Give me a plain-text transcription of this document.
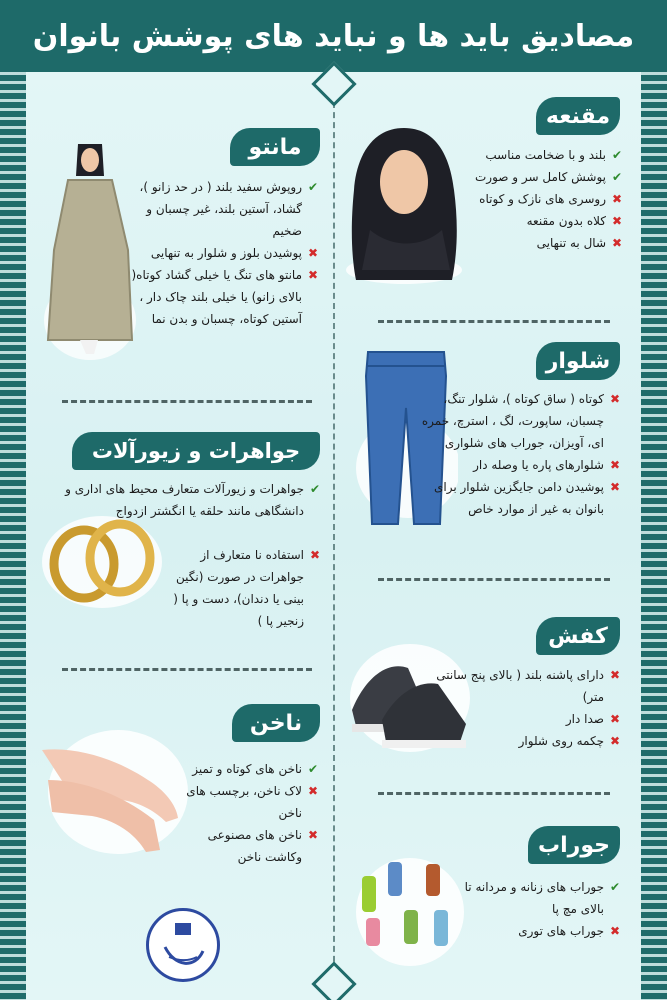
مصادیق باید ها و نباید های پوشش بانوان
مقنعه
✔
بلند و با ضخامت مناسب
✔
پوشش کامل سر و صورت
✖
روسری های نازک و کوتاه
✖
کلاه بدون مقنعه
✖
شال به تنهایی
شلوار
✖
کوتاه ( ساق کوتاه )، شلوار تنگ، چسبان، ساپورت، لگ ، استرچ، خمره ای، آویزان، جوراب های شلواری
✖
شلوارهای پاره یا وصله دار
✖
پوشیدن دامن جایگزین شلوار برای بانوان به غیر از موارد خاص
کفش
✖
دارای پاشنه بلند ( بالای پنج سانتی متر)
✖
صدا دار
✖
چکمه روی شلوار
جوراب
✔
جوراب های زنانه و مردانه تا بالای مچ پا
✖
جوراب های توری
مانتو
✔
روپوش سفید بلند ( در حد زانو )، گشاد، آستین بلند، غیر چسبان و ضخیم
✖
پوشیدن بلوز و شلوار به تنهایی
✖
مانتو های تنگ یا خیلی گشاد کوتاه( بالای زانو) یا خیلی بلند چاک دار ، آستین کوتاه، چسبان و بدن نما
جواهرات و زیورآلات
✔
جواهرات و زیورآلات متعارف محیط های اداری و دانشگاهی مانند حلقه یا انگشتر ازدواج
✖
استفاده نا متعارف از جواهرات در صورت (نگین بینی یا دندان)، دست و پا ( زنجیر پا )
ناخن
✔
ناخن های کوتاه و تمیز
✖
لاک ناخن، برچسب های ناخن
✖
ناخن های مصنوعی وکاشت ناخن
